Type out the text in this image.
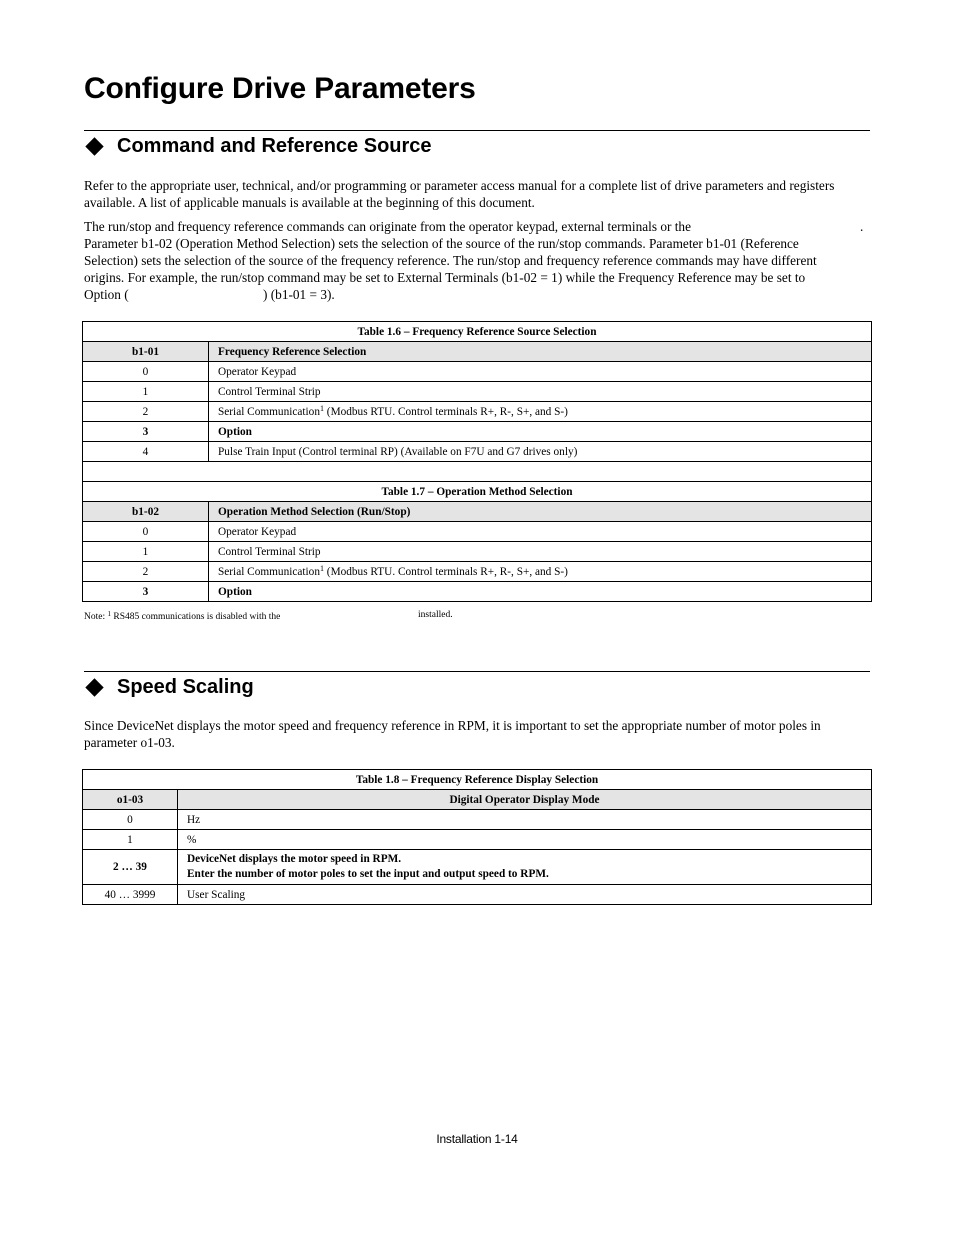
Configure Drive Parameters
Command and Reference Source

Refer to the appropriate user, technical, and/or programming or parameter access manual for a complete list of drive parameters and registers available. A list of applicable manuals is available at the beginning of this document.

The run/stop and frequency reference commands can originate from the operator keypad, external terminals or the	.
Parameter b1-02 (Operation Method Selection) sets the selection of the source of the run/stop commands. Parameter b1-01 (Reference
Selection) sets the selection of the source of the frequency reference. The run/stop and frequency reference commands may have different
origins. For example, the run/stop command may be set to External Terminals (b1-02 = 1) while the Frequency Reference may be set to
Option (	) (b1-01 = 3).
Table 1.6 – Frequency Reference Source Selection	
b1-01	Frequency Reference Selection
0	Operator Keypad
1	Control Terminal Strip
2	Serial Communication$^1$ (Modbus RTU. Control terminals R+, R-, S+, and S-)
3	Option
4	Pulse Train Input (Control terminal RP) (Available on F7U and G7 drives only)

Table 1.7 – Operation Method Selection	
b1-02	Operation Method Selection (Run/Stop)
0	Operator Keypad
1	Control Terminal Strip
2	Serial Communication$^1$ (Modbus RTU. Control terminals R+, R-, S+, and S-)
3	Option
Note: $^1$ RS485 communications is disabled with the	installed.
Speed Scaling

Since DeviceNet displays the motor speed and frequency reference in RPM, it is important to set the appropriate number of motor poles in parameter o1-03.

Table 1.8 – Frequency Reference Display Selection	
o1-03	Digital Operator Display Mode
0	Hz
1	%
2 … 39	DeviceNet displays the motor speed in RPM.
Enter the number of motor poles to set the input and output speed to RPM.

40 … 3999	User Scaling
Installation 1-14
